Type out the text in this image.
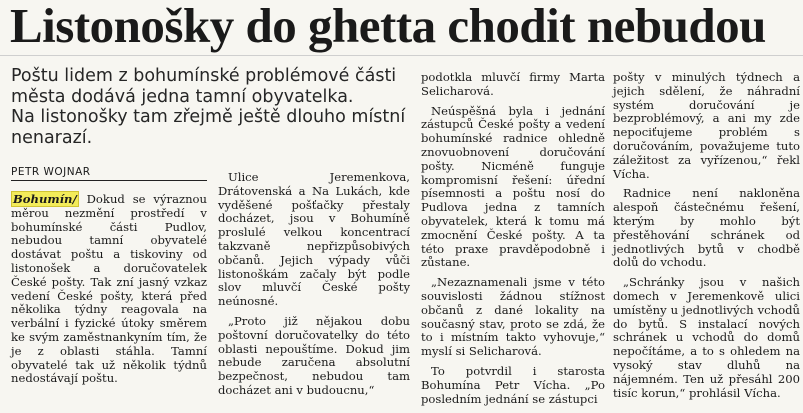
Listonošky do ghetta chodit nebudou

Poštu lidem z bohumínské problémové části města dodává jedna tamní obyvatelka.

Na listonošky tam zřejmě ještě dlouho místní nenarazí.

PETR WOJNAR

Bohumín/ Dokud se výraznou měrou nezmění prostředí v bohumínské části Pudlov, nebudou tamní obyvatelé dostávat poštu a tiskoviny od listonošek a doručovatelek České pošty. Tak zní jasný vzkaz vedení České pošty, která před několika týdny reagovala na verbální i fyzické útoky směrem ke svým zaměstnankyním tím, že je z oblasti stáhla. Tamní obyvatelé tak už několik týdnů nedostávají poštu.

Ulice Jeremenkova, Drátovenská a Na Lukách, kde vyděšené pošťačky přestaly docházet, jsou v Bohumíně proslulé velkou koncentrací takzvaně nepřizpůsobivých občanů. Jejich výpady vůči listonoškám začaly být podle slov mluvčí České pošty neúnosné.

„Proto již nějakou dobu poštovní doručovatelky do této oblasti nepouštíme. Dokud jim nebude zaručena absolutní bezpečnost, nebudou tam docházet ani v budoucnu,“

podotkla mluvčí firmy Marta Selicharová.

Neúspěšná byla i jednání zástupců České pošty a vedení bohumínské radnice ohledně znovuobnovení doručování pošty. Nicméně funguje kompromisní řešení: úřední písemnosti a poštu nosí do Pudlova jedna z tamních obyvatelek, která k tomu má zmocnění České pošty. A ta této praxe pravděpodobně i zůstane.

„Nezaznamenali jsme v této souvislosti žádnou stížnost občanů z dané lokality na současný stav, proto se zdá, že to i místním takto vyhovuje,“ myslí si Selicharová.

To potvrdil i starosta Bohumína Petr Vícha. „Po posledním jednání se zástupci

pošty v minulých týdnech a jejich sdělení, že náhradní systém doručování je bezproblémový, a ani my zde nepociťujeme problém s doručováním, považujeme tuto záležitost za vyřízenou,“ řekl Vícha.

Radnice není nakloněna alespoň částečnému řešení, kterým by mohlo být přestěhování schránek od jednotlivých bytů v chodbě dolů do vchodu.

„Schránky jsou v našich domech v Jeremenkově ulici umístěny u jednotlivých vchodů do bytů. S instalací nových schránek u vchodů do domů nepočítáme, a to s ohledem na vysoký stav dluhů na nájemném. Ten už přesáhl 200 tisíc korun,“ prohlásil Vícha.
